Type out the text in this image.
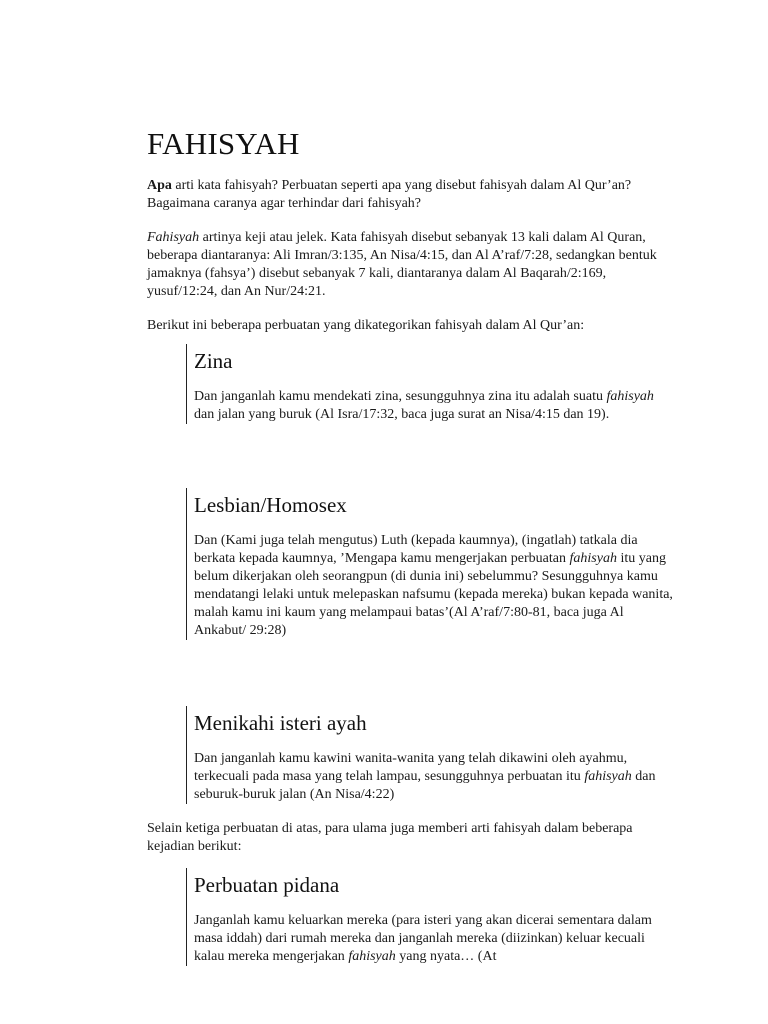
FAHISYAH

Apa arti kata fahisyah? Perbuatan seperti apa yang disebut fahisyah dalam Al Qur’an? Bagaimana caranya agar terhindar dari fahisyah?

Fahisyah artinya keji atau jelek. Kata fahisyah disebut sebanyak 13 kali dalam Al Quran, beberapa diantaranya: Ali Imran/3:135, An Nisa/4:15, dan Al A’raf/7:28, sedangkan bentuk jamaknya (fahsya’) disebut sebanyak 7 kali, diantaranya dalam Al Baqarah/2:169, yusuf/12:24, dan An Nur/24:21.

Berikut ini beberapa perbuatan yang dikategorikan fahisyah dalam Al Qur’an:

Zina

Dan janganlah kamu mendekati zina, sesungguhnya zina itu adalah suatu fahisyah dan jalan yang buruk (Al Isra/17:32, baca juga surat an Nisa/4:15 dan 19).

Lesbian/Homosex

Dan (Kami juga telah mengutus) Luth (kepada kaumnya), (ingatlah) tatkala dia berkata kepada kaumnya, ’Mengapa kamu mengerjakan perbuatan fahisyah itu yang belum dikerjakan oleh seorangpun (di dunia ini) sebelummu? Sesungguhnya kamu mendatangi lelaki untuk melepaskan nafsumu (kepada mereka) bukan kepada wanita, malah kamu ini kaum yang melampaui batas’(Al A’raf/7:80-81, baca juga Al Ankabut/ 29:28)

Menikahi isteri ayah

Dan janganlah kamu kawini wanita-wanita yang telah dikawini oleh ayahmu, terkecuali pada masa yang telah lampau, sesungguhnya perbuatan itu fahisyah dan seburuk-buruk jalan (An Nisa/4:22)

Selain ketiga perbuatan di atas, para ulama juga memberi arti fahisyah dalam beberapa kejadian berikut:

Perbuatan pidana

Janganlah kamu keluarkan mereka (para isteri yang akan dicerai sementara dalam masa iddah) dari rumah mereka dan janganlah mereka (diizinkan) keluar kecuali kalau mereka mengerjakan fahisyah yang nyata… (At
